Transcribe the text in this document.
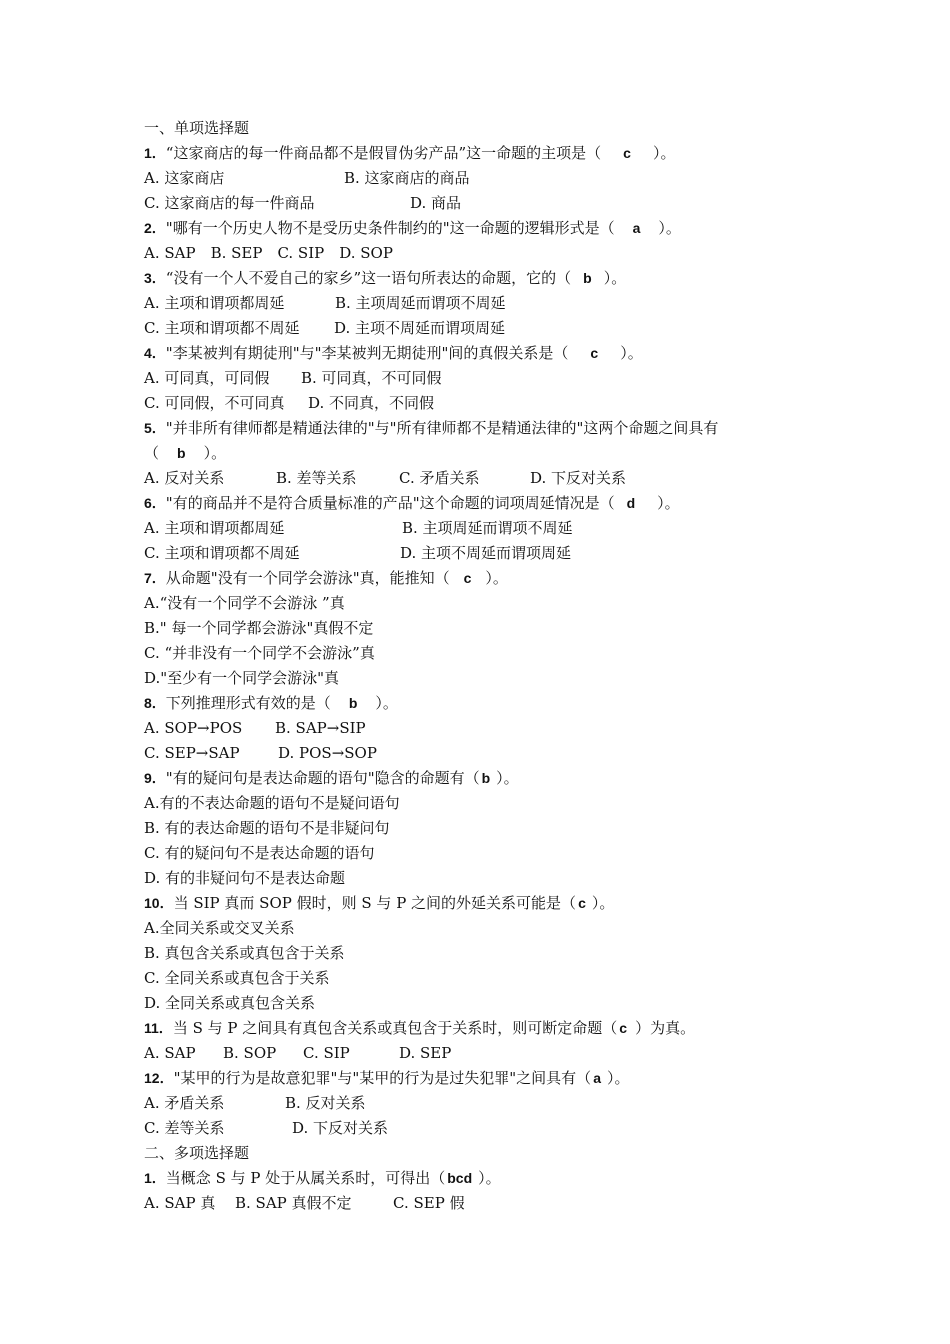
一、单项选择题
1．“这家商店的每一件商品都不是假冒伪劣产品”这一命题的主项是（ c ）。
A. 这家商店	B. 这家商店的商品
C. 这家商店的每一件商品	D. 商品
2．"哪有一个历史人物不是受历史条件制约的"这一命题的逻辑形式是（ a ）。
A. SAP　B. SEP　C. SIP　D. SOP
3．“没有一个人不爱自己的家乡”这一语句所表达的命题，它的（ b ）。
A. 主项和谓项都周延	B. 主项周延而谓项不周延
C. 主项和谓项都不周延 D. 主项不周延而谓项周延
4．"李某被判有期徒刑"与"李某被判无期徒刑"间的真假关系是（ c ）。
A. 可同真，可同假 B. 可同真，不可同假
C. 可同假，不可同真 D. 不同真，不同假
5．"并非所有律师都是精通法律的"与"所有律师都不是精通法律的"这两个命题之间具有
（ b ）。
A. 反对关系	B. 差等关系	C. 矛盾关系	D. 下反对关系
6．"有的商品并不是符合质量标准的产品"这个命题的词项周延情况是（ d ）。
A. 主项和谓项都周延	B. 主项周延而谓项不周延
C. 主项和谓项都不周延	D. 主项不周延而谓项周延
7．从命题"没有一个同学会游泳"真，能推知（ c ）。
A.“没有一个同学不会游泳 ”真
B." 每一个同学都会游泳"真假不定
C. “并非没有一个同学不会游泳”真
D."至少有一个同学会游泳"真
8．下列推理形式有效的是（ b ）。
A. SOP→POS B. SAP→SIP
C. SEP→SAP	D. POS→SOP
9．"有的疑问句是表达命题的语句"隐含的命题有（ b ）。
A.有的不表达命题的语句不是疑问语句
B. 有的表达命题的语句不是非疑问句
C. 有的疑问句不是表达命题的语句
D. 有的非疑问句不是表达命题
10．当 SIP 真而 SOP 假时，则 S 与 P 之间的外延关系可能是（ c ）。
A.全同关系或交叉关系
B. 真包含关系或真包含于关系
C. 全同关系或真包含于关系
D. 全同关系或真包含关系
11．当 S 与 P 之间具有真包含关系或真包含于关系时，则可断定命题（ c ）为真。
A. SAP B. SOP C. SIP	D. SEP
12．"某甲的行为是故意犯罪"与"某甲的行为是过失犯罪"之间具有（ a ）。
A. 矛盾关系	B. 反对关系
C. 差等关系	D. 下反对关系
二、多项选择题
1．当概念 S 与 P 处于从属关系时，可得出（ bcd ）。
A. SAP 真 B. SAP 真假不定	C. SEP 假
